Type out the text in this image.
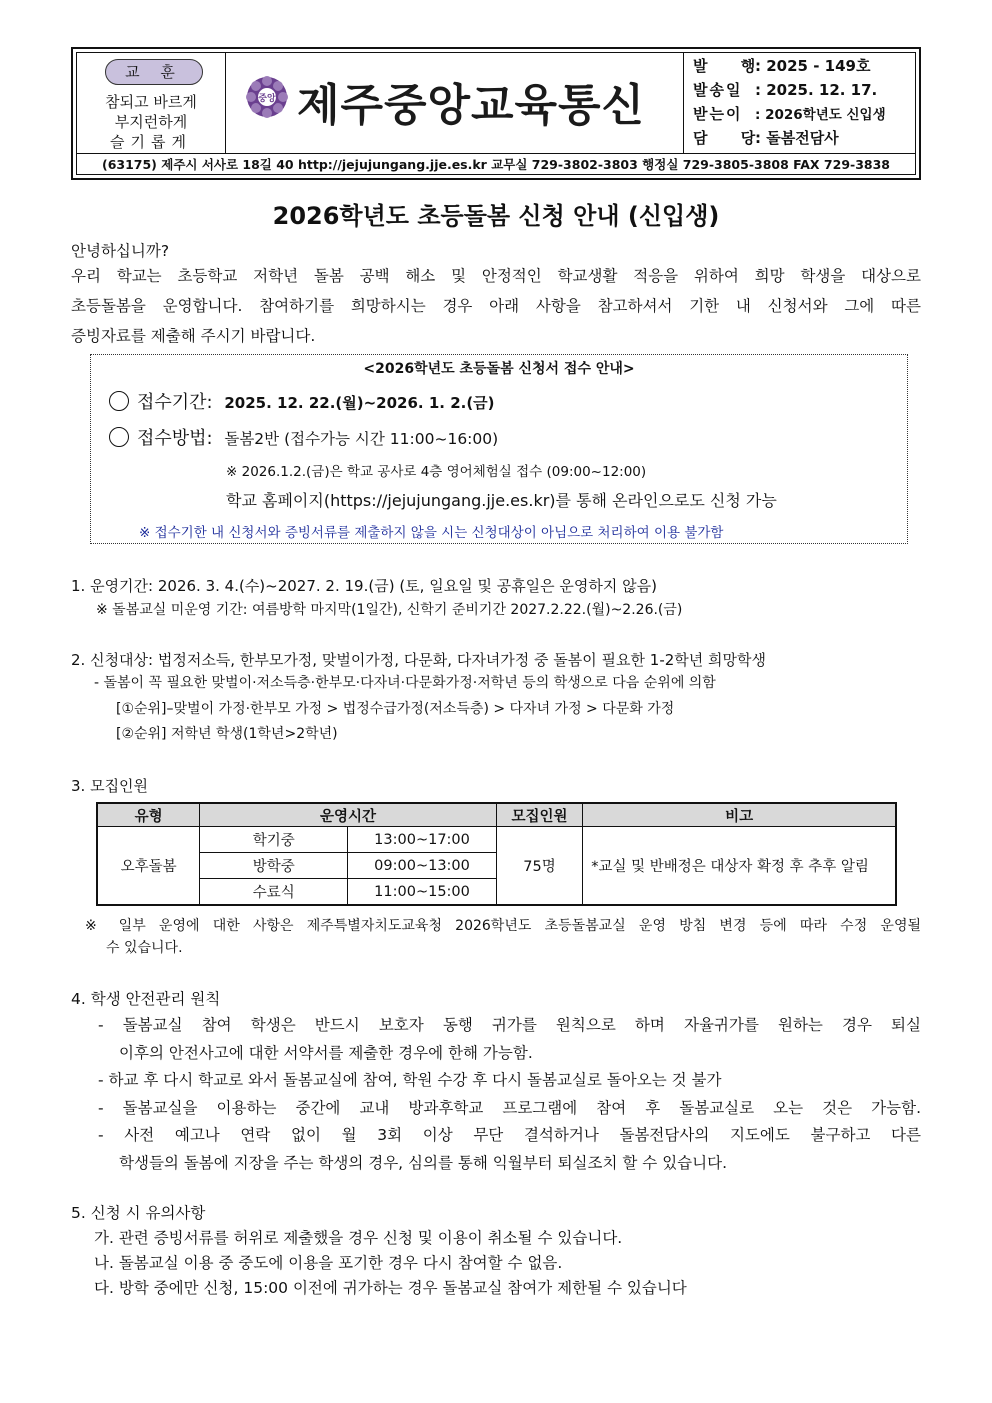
교 훈
참되고 바르게
부지런하게
슬기롭게
중앙 제주중앙교육통신
발 행: 2025 - 149호
발송일 : 2025. 12. 17.
받는이 : 2026학년도 신입생
담 당: 돌봄전담사
(63175) 제주시 서사로 18길 40 http://jejujungang.jje.es.kr 교무실 729-3802-3803 행정실 729-3805-3808 FAX 729-3838
2026학년도 초등돌봄 신청 안내 (신입생)
안녕하십니까?
우리 학교는 초등학교 저학년 돌봄 공백 해소 및 안정적인 학교생활 적응을 위하여 희망 학생을 대상으로
초등돌봄을 운영합니다. 참여하기를 희망하시는 경우 아래 사항을 참고하셔서 기한 내 신청서와 그에 따른
증빙자료를 제출해 주시기 바랍니다.
<2026학년도 초등돌봄 신청서 접수 안내>
접수기간: 2025. 12. 22.(월)~2026. 1. 2.(금)
접수방법: 돌봄2반 (접수가능 시간 11:00~16:00)
※ 2026.1.2.(금)은 학교 공사로 4층 영어체험실 접수 (09:00~12:00)
학교 홈페이지(https://jejujungang.jje.es.kr)를 통해 온라인으로도 신청 가능
※ 접수기한 내 신청서와 증빙서류를 제출하지 않을 시는 신청대상이 아님으로 처리하여 이용 불가함
1. 운영기간: 2026. 3. 4.(수)~2027. 2. 19.(금) (토, 일요일 및 공휴일은 운영하지 않음)
※ 돌봄교실 미운영 기간: 여름방학 마지막(1일간), 신학기 준비기간 2027.2.22.(월)~2.26.(금)
2. 신청대상: 법정저소득, 한부모가정, 맞벌이가정, 다문화, 다자녀가정 중 돌봄이 필요한 1-2학년 희망학생
- 돌봄이 꼭 필요한 맞벌이·저소득층·한부모·다자녀·다문화가정·저학년 등의 학생으로 다음 순위에 의함
[①순위]–맞벌이 가정·한부모 가정 > 법정수급가정(저소득층) > 다자녀 가정 > 다문화 가정
[②순위] 저학년 학생(1학년>2학년)
3. 모집인원
유형	운영시간		모집인원	비고
오후돌봄	학기중	13:00~17:00	75명	*교실 및 반배정은 대상자 확정 후 추후 알림
	방학중	09:00~13:00		
	수료식	11:00~15:00		
※ 일부 운영에 대한 사항은 제주특별자치도교육청 2026학년도 초등돌봄교실 운영 방침 변경 등에 따라 수정 운영될
수 있습니다.
4. 학생 안전관리 원칙
- 돌봄교실 참여 학생은 반드시 보호자 동행 귀가를 원칙으로 하며 자율귀가를 원하는 경우 퇴실
이후의 안전사고에 대한 서약서를 제출한 경우에 한해 가능함.
- 하교 후 다시 학교로 와서 돌봄교실에 참여, 학원 수강 후 다시 돌봄교실로 돌아오는 것 불가
- 돌봄교실을 이용하는 중간에 교내 방과후학교 프로그램에 참여 후 돌봄교실로 오는 것은 가능함.
- 사전 예고나 연락 없이 월 3회 이상 무단 결석하거나 돌봄전담사의 지도에도 불구하고 다른
학생들의 돌봄에 지장을 주는 학생의 경우, 심의를 통해 익월부터 퇴실조치 할 수 있습니다.
5. 신청 시 유의사항
가. 관련 증빙서류를 허위로 제출했을 경우 신청 및 이용이 취소될 수 있습니다.
나. 돌봄교실 이용 중 중도에 이용을 포기한 경우 다시 참여할 수 없음.
다. 방학 중에만 신청, 15:00 이전에 귀가하는 경우 돌봄교실 참여가 제한될 수 있습니다
